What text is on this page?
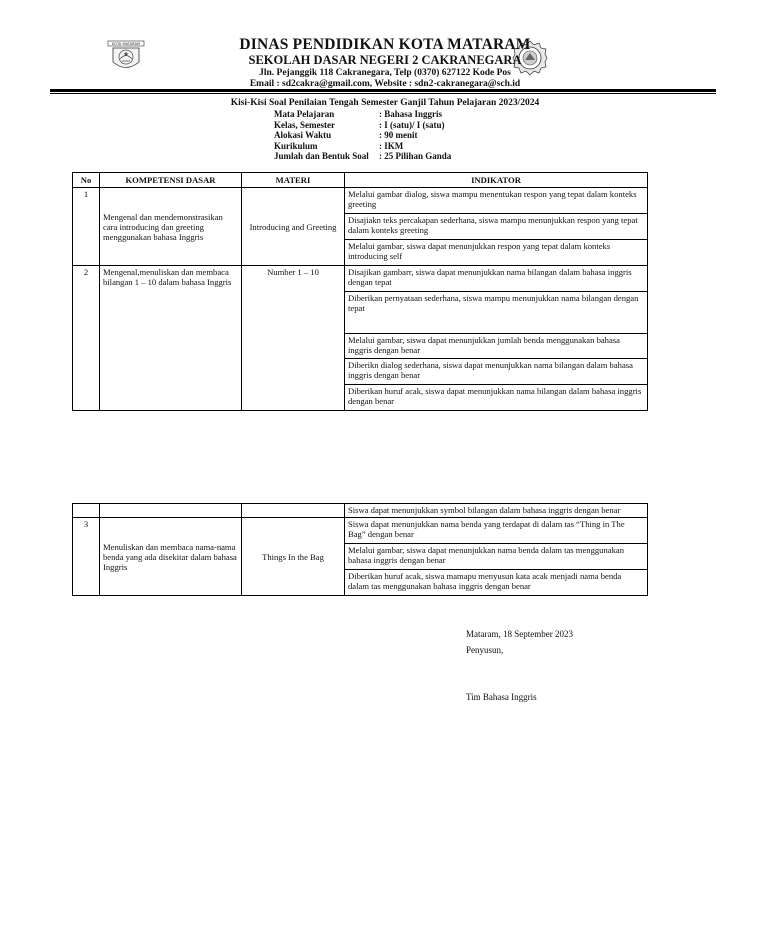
KOTA MATARAM	DINAS PENDIDIKAN KOTA MATARAM
SEKOLAH DASAR NEGERI 2 CAKRANEGARA
Jln. Pejanggik 118 Cakranegara, Telp (0370) 627122 Kode Pos
Email : sd2cakra@gmail.com, Website : sdn2-cakranegara@sch.id
Kisi-Kisi Soal Penilaian Tengah Semester Ganjil Tahun Pelajaran 2023/2024
Mata Pelajaran	: Bahasa Inggris
Kelas, Semester	: I (satu)/ I (satu)
Alokasi Waktu	: 90 menit
Kurikulum	: IKM
Jumlah dan Bentuk Soal	: 25 Pilihan Ganda
No	KOMPETENSI DASAR	MATERI	INDIKATOR
1	Mengenal dan mendemonstrasikan cara introducing dan greeting menggunakan bahasa Inggris	Introducing and Greeting	Melalui gambar dialog, siswa mampu menentukan respon yang tepat dalam konteks greeting
			Disajiakn teks percakapan sederhana, siswa mampu menunjukkan respon yang tepat dalam konteks greeting
			Melalui gambar, siswa dapat menunjukkan respon yang tepat dalam konteks introducing self
2	Mengenal,menuliskan dan membaca bilangan 1 – 10 dalam bahasa Inggris	Number 1 – 10	Disajikan gambarr, siswa dapat menunjukkan nama bilangan dalam bahasa inggris dengan tepat
			Diberikan pernyataan sederhana, siswa mampu menunjukkan nama bilangan dengan tepat
			Melalui gambar, siswa dapat menunjukkan jumlah benda menggunakan bahasa inggris dengan benar
			Diberikn dialog sederhana, siswa dapat menunjukkan nama bilangan dalam bahasa inggris dengan benar
			Diberikan huruf acak, siswa dapat menunjukkan nama bilangan dalam bahasa inggris dengan benar
			Siswa dapat menunjukkan symbol bilangan dalam bahasa inggris dengan benar
3	Menuliskan dan membaca nama-nama benda yang ada disekitar dalam bahasa Inggris	Things In the Bag	Siswa dapat menunjukkan nama benda yang terdapat di dalam tas “Thing in The Bag” dengan benar
			Melalui gambar, siswa dapat menunjukkan nama benda dalam tas menggunakan bahasa inggris dengan benar
			Diberikan huruf acak, siswa mamapu menyusun kata acak menjadi nama benda dalam tas menggunakan bahasa inggris dengan benar
Mataram, 18 September 2023
Penyusun,
Tim Bahasa Inggris
